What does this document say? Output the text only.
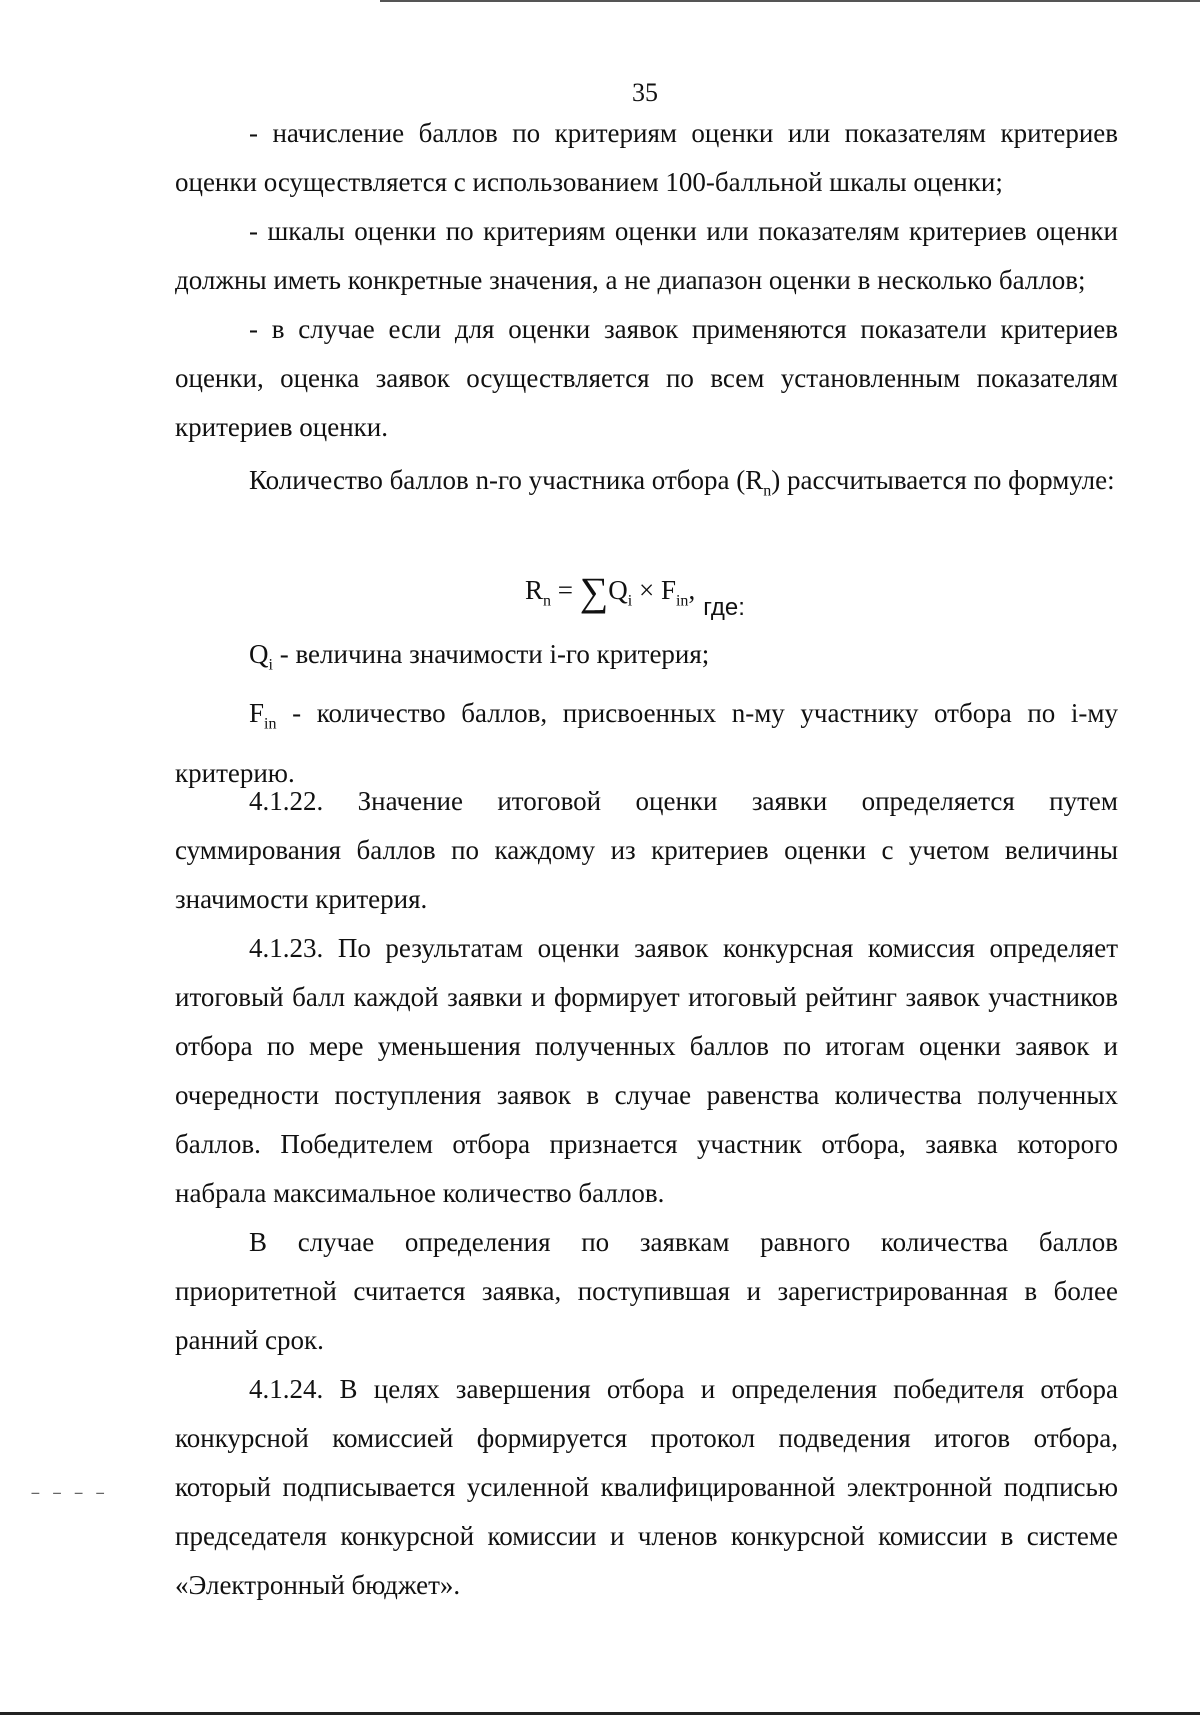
– – – –
35

- начисление баллов по критериям оценки или показателям критериев оценки осуществляется с использованием 100-балльной шкалы оценки;

- шкалы оценки по критериям оценки или показателям критериев оценки должны иметь конкретные значения, а не диапазон оценки в несколько баллов;

- в случае если для оценки заявок применяются показатели критериев оценки, оценка заявок осуществляется по всем установленным показателям критериев оценки.

Количество баллов n-го участника отбора $(R_n)$ рассчитывается по формуле:

$R_n = \sum Q_i \times F_{in},где$:

$Q_i$ - величина значимости i-го критерия;

$F_{in}$ - количество баллов, присвоенных n-му участнику отбора по i-му критерию.

4.1.22. Значение итоговой оценки заявки определяется путем суммирования баллов по каждому из критериев оценки с учетом величины значимости критерия.

4.1.23. По результатам оценки заявок конкурсная комиссия определяет итоговый балл каждой заявки и формирует итоговый рейтинг заявок участников отбора по мере уменьшения полученных баллов по итогам оценки заявок и очередности поступления заявок в случае равенства количества полученных баллов. Победителем отбора признается участник отбора, заявка которого набрала максимальное количество баллов.

В случае определения по заявкам равного количества баллов приоритетной считается заявка, поступившая и зарегистрированная в более ранний срок.

4.1.24. В целях завершения отбора и определения победителя отбора конкурсной комиссией формируется протокол подведения итогов отбора, который подписывается усиленной квалифицированной электронной подписью председателя конкурсной комиссии и членов конкурсной комиссии в системе «Электронный бюджет».
